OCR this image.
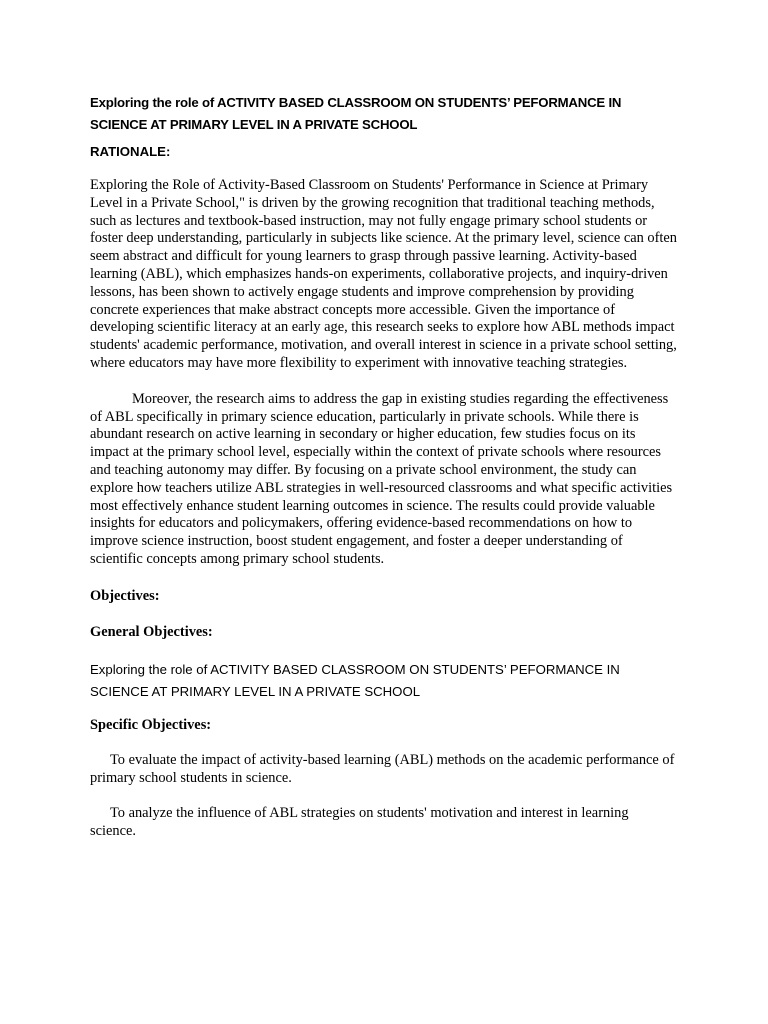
Exploring the role of ACTIVITY BASED CLASSROOM ON STUDENTS’ PEFORMANCE IN SCIENCE AT PRIMARY LEVEL IN A PRIVATE SCHOOL

RATIONALE:

Exploring the Role of Activity-Based Classroom on Students' Performance in Science at Primary Level in a Private School," is driven by the growing recognition that traditional teaching methods, such as lectures and textbook-based instruction, may not fully engage primary school students or foster deep understanding, particularly in subjects like science. At the primary level, science can often seem abstract and difficult for young learners to grasp through passive learning. Activity-based learning (ABL), which emphasizes hands-on experiments, collaborative projects, and inquiry-driven lessons, has been shown to actively engage students and improve comprehension by providing concrete experiences that make abstract concepts more accessible. Given the importance of developing scientific literacy at an early age, this research seeks to explore how ABL methods impact students' academic performance, motivation, and overall interest in science in a private school setting, where educators may have more flexibility to experiment with innovative teaching strategies.

Moreover, the research aims to address the gap in existing studies regarding the effectiveness of ABL specifically in primary science education, particularly in private schools. While there is abundant research on active learning in secondary or higher education, few studies focus on its impact at the primary school level, especially within the context of private schools where resources and teaching autonomy may differ. By focusing on a private school environment, the study can explore how teachers utilize ABL strategies in well-resourced classrooms and what specific activities most effectively enhance student learning outcomes in science. The results could provide valuable insights for educators and policymakers, offering evidence-based recommendations on how to improve science instruction, boost student engagement, and foster a deeper understanding of scientific concepts among primary school students.

Objectives:

General Objectives:

Exploring the role of ACTIVITY BASED CLASSROOM ON STUDENTS’ PEFORMANCE IN SCIENCE AT PRIMARY LEVEL IN A PRIVATE SCHOOL

Specific Objectives:

To evaluate the impact of activity-based learning (ABL) methods on the academic performance of primary school students in science.

To analyze the influence of ABL strategies on students' motivation and interest in learning science.
